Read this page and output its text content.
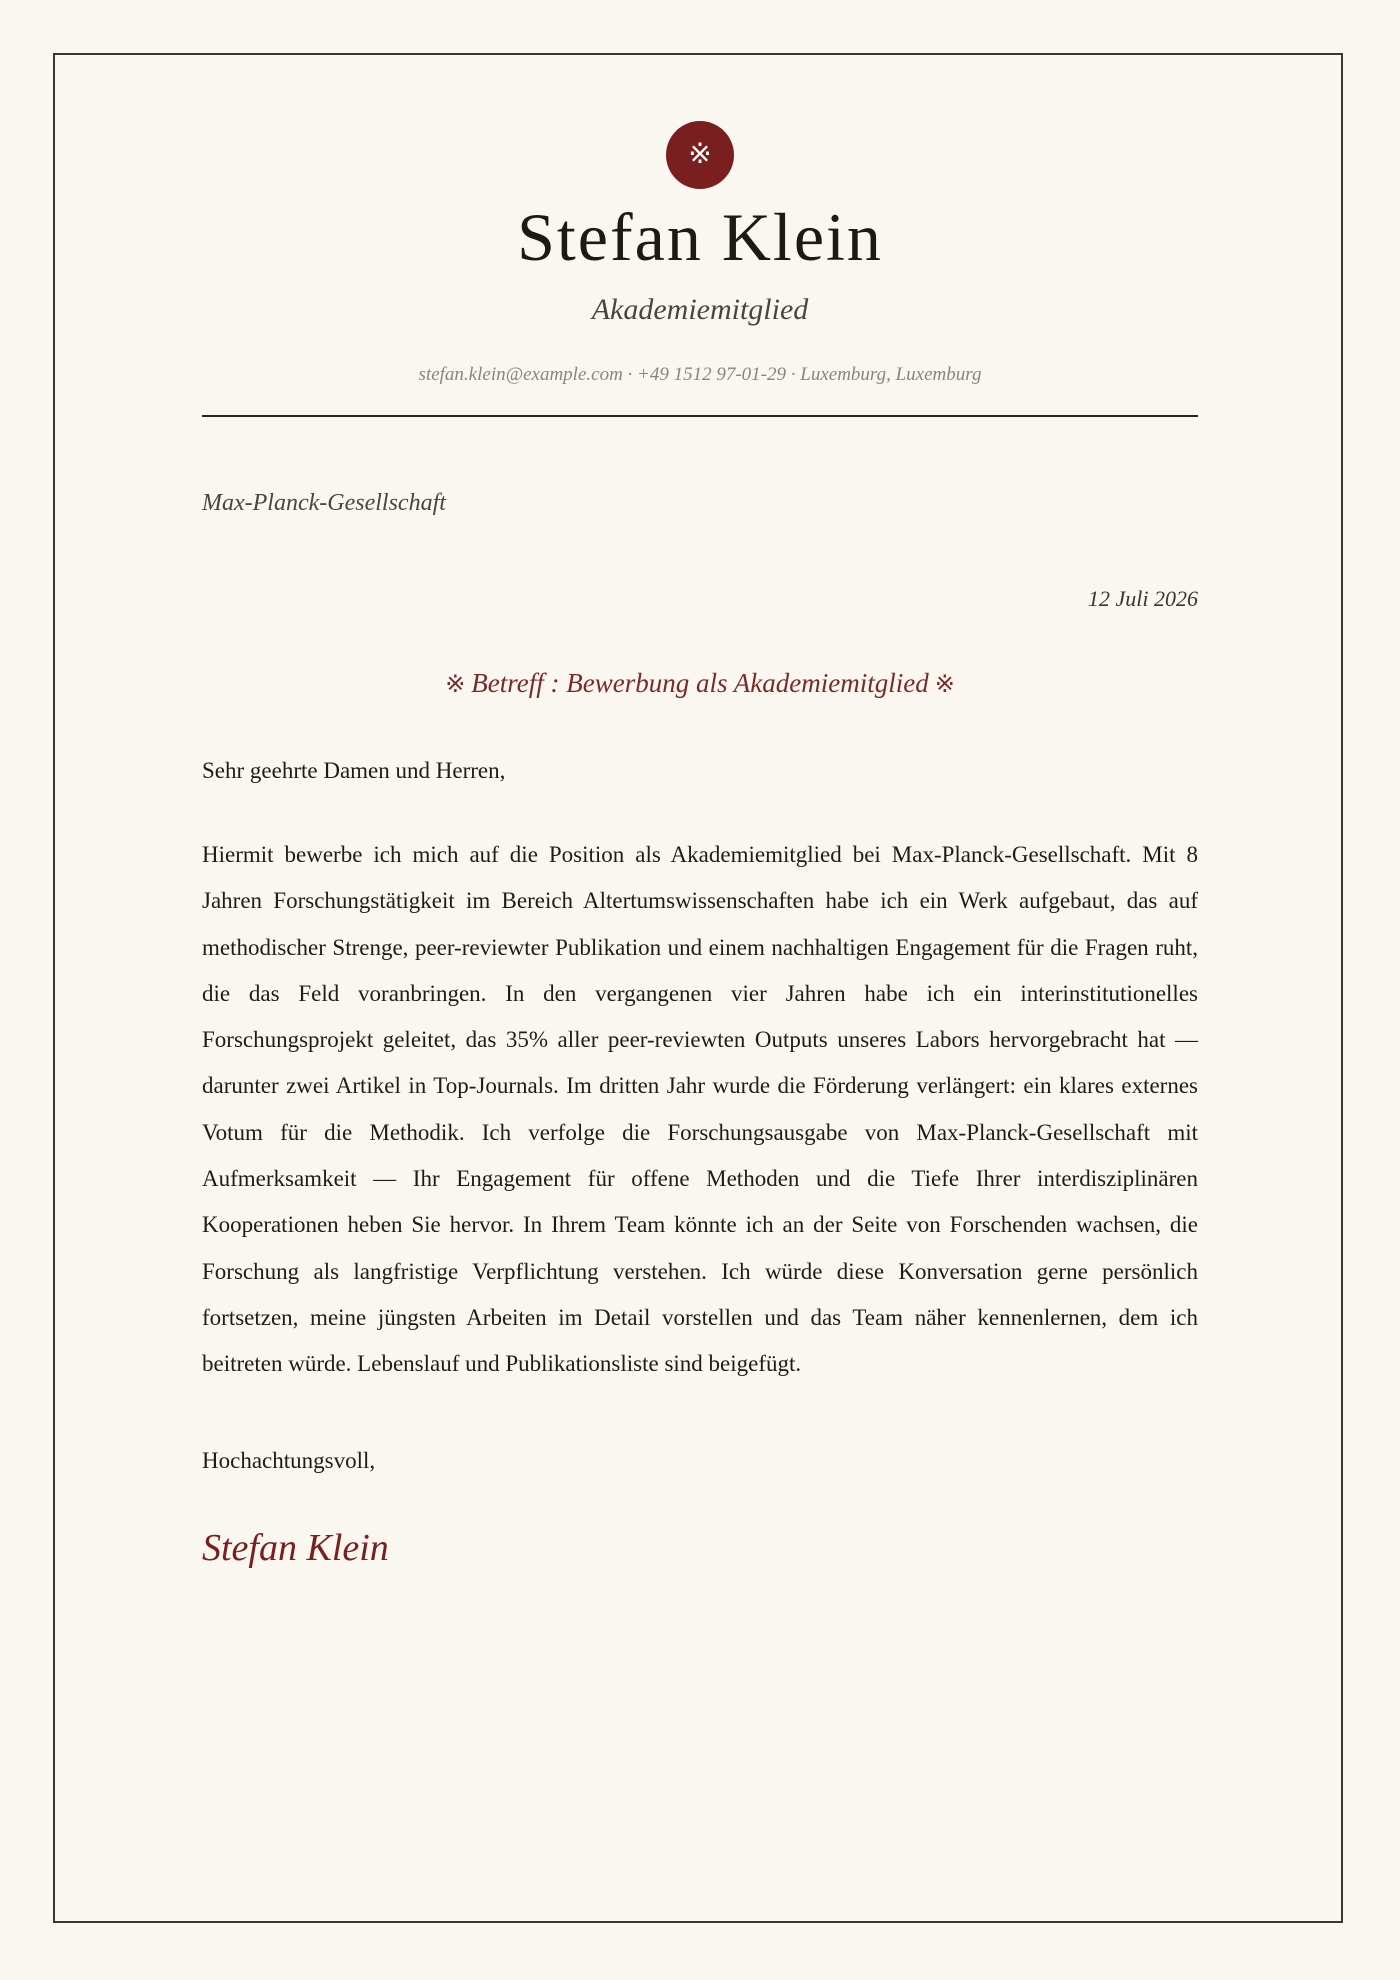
※
Stefan Klein
Akademiemitglied
stefan.klein@example.com · +49 1512 97-01-29 · Luxemburg, Luxemburg
Max-Planck-Gesellschaft
12 Juli 2026
※ Betreff : Bewerbung als Akademiemitglied ※
Sehr geehrte Damen und Herren,

Hiermit bewerbe ich mich auf die Position als Akademiemitglied bei Max-Planck-Gesellschaft. Mit 8 Jahren Forschungstätigkeit im Bereich Altertumswissenschaften habe ich ein Werk aufgebaut, das auf methodischer Strenge, peer-reviewter Publikation und einem nachhaltigen Engagement für die Fragen ruht, die das Feld voranbringen. In den vergangenen vier Jahren habe ich ein interinstitutionelles Forschungsprojekt geleitet, das 35% aller peer-reviewten Outputs unseres Labors hervorgebracht hat — darunter zwei Artikel in Top-Journals. Im dritten Jahr wurde die Förderung verlängert: ein klares externes Votum für die Methodik. Ich verfolge die Forschungsausgabe von Max-Planck-Gesellschaft mit Aufmerksamkeit — Ihr Engagement für offene Methoden und die Tiefe Ihrer interdisziplinären Kooperationen heben Sie hervor. In Ihrem Team könnte ich an der Seite von Forschenden wachsen, die Forschung als langfristige Verpflichtung verstehen. Ich würde diese Konversation gerne persönlich fortsetzen, meine jüngsten Arbeiten im Detail vorstellen und das Team näher kennenlernen, dem ich beitreten würde. Lebenslauf und Publikationsliste sind beigefügt.

Hochachtungsvoll,
Stefan Klein
